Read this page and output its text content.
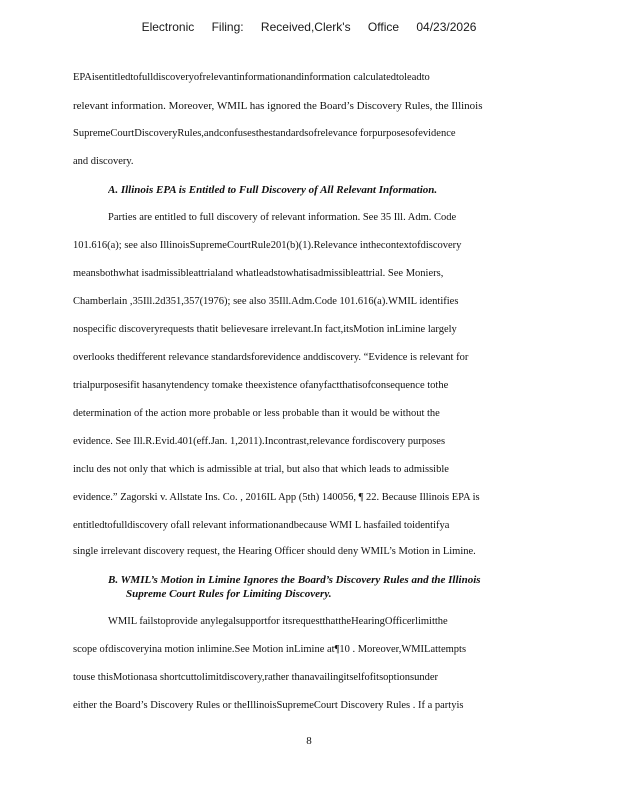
Electronic Filing: Received,Clerk's Office 04/23/2026
EPAisentitledtofulldiscoveryofrelevantinformationandinformation calculatedtoleadto
relevant information. Moreover, WMIL has ignored the Board’s Discovery Rules, the Illinois
SupremeCourtDiscoveryRules,andconfusesthestandardsofrelevance forpurposesofevidence
and discovery.
A. Illinois EPA is Entitled to Full Discovery of All Relevant Information.
Parties are entitled to full discovery of relevant information. See 35 Ill. Adm. Code
101.616(a); see also IllinoisSupremeCourtRule201(b)(1).Relevance inthecontextofdiscovery
meansbothwhat isadmissibleattrialand whatleadstowhatisadmissibleattrial. See Moniers,
Chamberlain ,35Ill.2d351,357(1976); see also 35Ill.Adm.Code 101.616(a).WMIL identifies
nospecific discoveryrequests thatit believesare irrelevant.In fact,itsMotion inLimine largely
overlooks thedifferent relevance standardsforevidence anddiscovery. “Evidence is relevant for
trialpurposesifit hasanytendency tomake theexistence ofanyfactthatisofconsequence tothe
determination of the action more probable or less probable than it would be without the
evidence. See Ill.R.Evid.401(eff.Jan. 1,2011).Incontrast,relevance fordiscovery purposes
inclu des not only that which is admissible at trial, but also that which leads to admissible
evidence.” Zagorski v. Allstate Ins. Co. , 2016IL App (5th) 140056, ¶ 22. Because Illinois EPA is
entitledtofulldiscovery ofall relevant informationandbecause WMI L hasfailed toidentifya
single irrelevant discovery request, the Hearing Officer should deny WMIL’s Motion in Limine.
B. WMIL’s Motion in Limine Ignores the Board’s Discovery Rules and the Illinois
Supreme Court Rules for Limiting Discovery.
WMIL failstoprovide anylegalsupportfor itsrequestthattheHearingOfficerlimitthe
scope ofdiscoveryina motion inlimine.See Motion inLimine at¶10 . Moreover,WMILattempts
touse thisMotionasa shortcuttolimitdiscovery,rather thanavailingitselfofitsoptionsunder
either the Board’s Discovery Rules or theIllinoisSupremeCourt Discovery Rules . If a partyis
8
